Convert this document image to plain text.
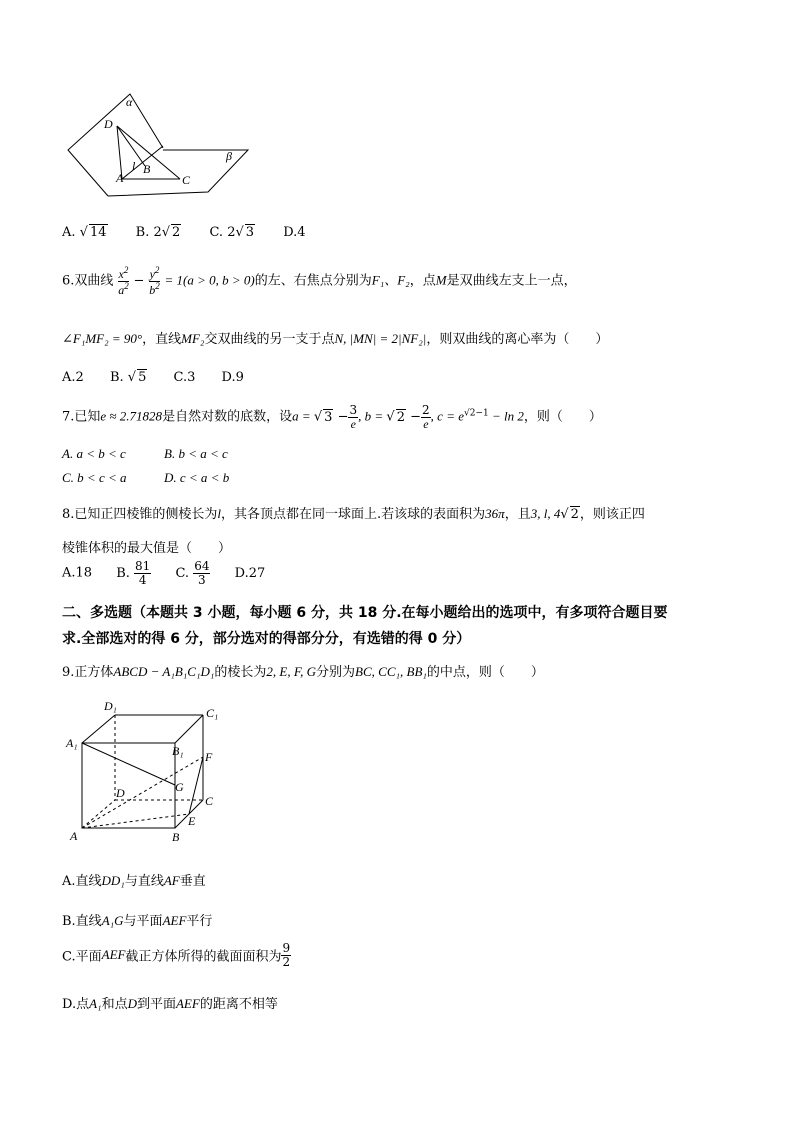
α
β
D
l
A
B
C
A. √ 14 B. 2√ 2 C. 2√ 3 D.4
6.双曲线 $\frac{x^2}{a^2} - \frac{y^2}{b^2} = 1(a > 0$, b > 0)的左、右焦点分别为F₁、F₂，点M是双曲线左支上一点，
∠F₁MF₂ = 90°，直线MF₂交双曲线的另一支于点N, |MN| = 2|NF₂|，则双曲线的离心率为（　　）
A.2 B. √ 5 C.3 D.9
7.已知e ≈ 2.71828是自然对数的底数，设a = √ $3 - \frac{3}{e}$ , b = √ $2 - \frac{2}{e}$ , $c = e^{√2-1} - \ln 2$，则（　　）
A. a < b < c	B. b < a < c
C. b < c < a	D. c < a < b
8.已知正四棱锥的侧棱长为l，其各顶点都在同一球面上.若该球的表面积为36π，且3, l, 4√ 2，则该正四
棱锥体积的最大值是（　　）
A.18 B. $\frac{81}{4} C$. $\frac{64}{3} D.27$
二、多选题（本题共 3 小题，每小题 6 分，共 18 分.在每小题给出的选项中，有多项符合题目要
求.全部选对的得 6 分，部分选对的得部分分，有选错的得 0 分）
9.正方体ABCD − A₁B₁C₁D₁的棱长为2, E, F, G分别为BC, CC₁, BB₁的中点，则（　　）
D₁	C₁
A₁
B₁ F
D	G
C
E
A	B
A.直线DD₁与直线AF垂直
B.直线A₁G与平面AEF平行
C.平面AEF截正方体所得的截面面积为 $\frac{9}{2}$
D.点A₁和点D到平面AEF的距离不相等
